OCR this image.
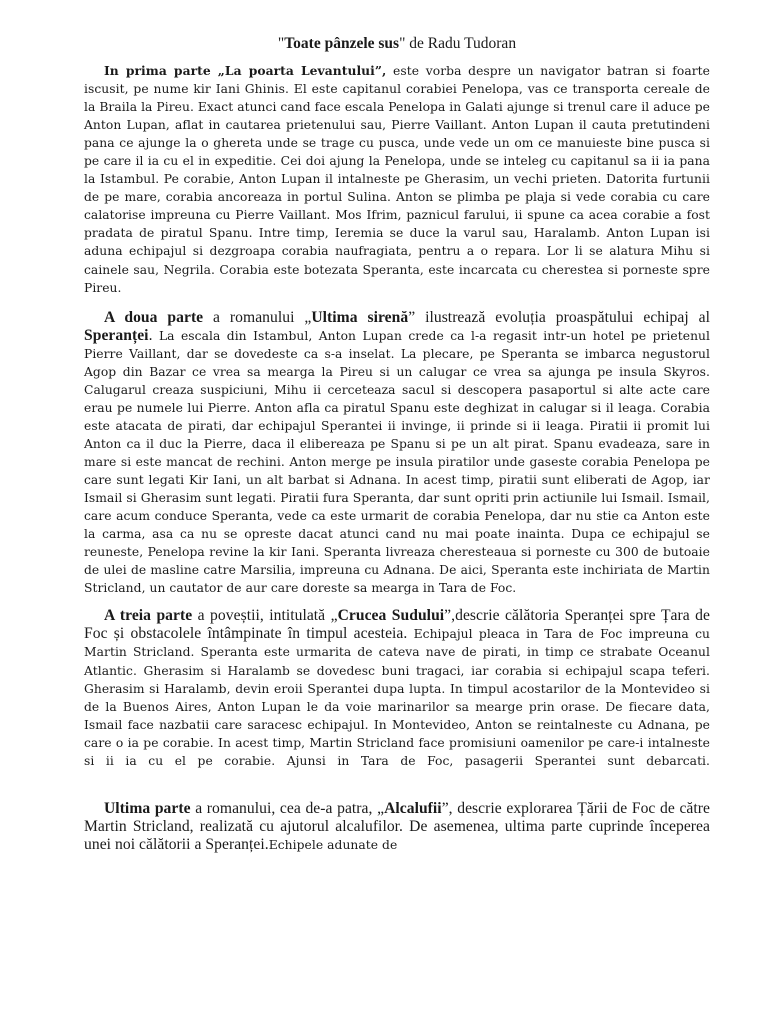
"Toate pânzele sus" de Radu Tudoran

In prima parte „La poarta Levantului”, este vorba despre un navigator batran si foarte iscusit, pe nume kir Iani Ghinis. El este capitanul corabiei Penelopa, vas ce transporta cereale de la Braila la Pireu. Exact atunci cand face escala Penelopa in Galati ajunge si trenul care il aduce pe Anton Lupan, aflat in cautarea prietenului sau, Pierre Vaillant. Anton Lupan il cauta pretutindeni pana ce ajunge la o ghereta unde se trage cu pusca, unde vede un om ce manuieste bine pusca si pe care il ia cu el in expeditie. Cei doi ajung la Penelopa, unde se inteleg cu capitanul sa ii ia pana la Istambul. Pe corabie, Anton Lupan il intalneste pe Gherasim, un vechi prieten. Datorita furtunii de pe mare, corabia ancoreaza in portul Sulina. Anton se plimba pe plaja si vede corabia cu care calatorise impreuna cu Pierre Vaillant. Mos Ifrim, paznicul farului, ii spune ca acea corabie a fost pradata de piratul Spanu. Intre timp, Ieremia se duce la varul sau, Haralamb. Anton Lupan isi aduna echipajul si dezgroapa corabia naufragiata, pentru a o repara. Lor li se alatura Mihu si cainele sau, Negrila. Corabia este botezata Speranta, este incarcata cu cherestea si porneste spre Pireu.

A doua parte a romanului „Ultima sirenă” ilustrează evoluția proaspătului echipaj al Speranței. La escala din Istambul, Anton Lupan crede ca l-a regasit intr-un hotel pe prietenul Pierre Vaillant, dar se dovedeste ca s-a inselat. La plecare, pe Speranta se imbarca negustorul Agop din Bazar ce vrea sa mearga la Pireu si un calugar ce vrea sa ajunga pe insula Skyros. Calugarul creaza suspiciuni, Mihu ii cerceteaza sacul si descopera pasaportul si alte acte care erau pe numele lui Pierre. Anton afla ca piratul Spanu este deghizat in calugar si il leaga. Corabia este atacata de pirati, dar echipajul Sperantei ii invinge, ii prinde si ii leaga. Piratii ii promit lui Anton ca il duc la Pierre, daca il elibereaza pe Spanu si pe un alt pirat. Spanu evadeaza, sare in mare si este mancat de rechini. Anton merge pe insula piratilor unde gaseste corabia Penelopa pe care sunt legati Kir Iani, un alt barbat si Adnana. In acest timp, piratii sunt eliberati de Agop, iar Ismail si Gherasim sunt legati. Piratii fura Speranta, dar sunt opriti prin actiunile lui Ismail. Ismail, care acum conduce Speranta, vede ca este urmarit de corabia Penelopa, dar nu stie ca Anton este la carma, asa ca nu se opreste dacat atunci cand nu mai poate inainta. Dupa ce echipajul se reuneste, Penelopa revine la kir Iani. Speranta livreaza cheresteaua si porneste cu 300 de butoaie de ulei de masline catre Marsilia, impreuna cu Adnana. De aici, Speranta este inchiriata de Martin Stricland, un cautator de aur care doreste sa mearga in Tara de Foc.

A treia parte a poveștii, intitulată „Crucea Sudului”,descrie călătoria Speranței spre Țara de Foc și obstacolele întâmpinate în timpul acesteia. Echipajul pleaca in Tara de Foc impreuna cu Martin Stricland. Speranta este urmarita de cateva nave de pirati, in timp ce strabate Oceanul Atlantic. Gherasim si Haralamb se dovedesc buni tragaci, iar corabia si echipajul scapa teferi. Gherasim si Haralamb, devin eroii Sperantei dupa lupta. In timpul acostarilor de la Montevideo si de la Buenos Aires, Anton Lupan le da voie marinarilor sa mearge prin orase. De fiecare data, Ismail face nazbatii care saracesc echipajul. In Montevideo, Anton se reintalneste cu Adnana, pe care o ia pe corabie. In acest timp, Martin Stricland face promisiuni oamenilor pe care-i intalneste si ii ia cu el pe corabie. Ajunsi in Tara de Foc, pasagerii Sperantei sunt debarcati.

Ultima parte a romanului, cea de-a patra, „Alcalufii”, descrie explorarea Țării de Foc de către Martin Stricland, realizată cu ajutorul alcalufilor. De asemenea, ultima parte cuprinde începerea unei noi călătorii a Speranței.Echipele adunate de
